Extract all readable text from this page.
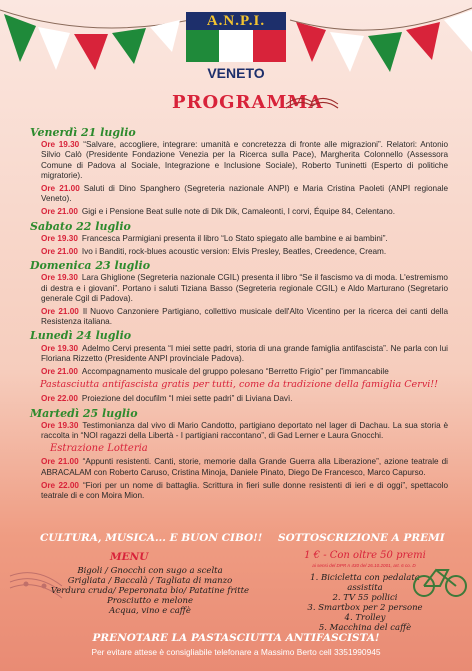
A.N.P.I.
VENETO
PROGRAMMA
Venerdì 21 luglio
Ore 19.30 “Salvare, accogliere, integrare: umanità e concretezza di fronte alle migrazioni”. Relatori: Antonio Silvio Calò (Presidente Fondazione Venezia per la Ricerca sulla Pace), Margherita Colonnello (Assessora Comune di Padova al Sociale, Integrazione e Inclusione Sociale), Roberto Tuninetti (Esperto di politiche migratorie).
Ore 21.00 Saluti di Dino Spanghero (Segreteria nazionale ANPI) e Maria Cristina Paoleti (ANPI regionale Veneto).
Ore 21.00 Gigi e i Pensione Beat sulle note di Dik Dik, Camaleonti, I corvi, Équipe 84, Celentano.
Sabato 22 luglio
Ore 19.30 Francesca Parmigiani presenta il libro “Lo Stato spiegato alle bambine e ai bambini”.
Ore 21.00 Ivo i Banditi, rock-blues acoustic version: Elvis Presley, Beatles, Creedence, Cream.
Domenica 23 luglio
Ore 19.30 Lara Ghiglione (Segreteria nazionale CGIL) presenta il libro “Se il fascismo va di moda. L'estremismo di destra e i giovani”. Portano i saluti Tiziana Basso (Segreteria regionale CGIL) e Aldo Marturano (Segretario generale Cgil di Padova).
Ore 21.00 Il Nuovo Canzoniere Partigiano, collettivo musicale dell'Alto Vicentino per la ricerca dei canti della Resistenza italiana.
Lunedì 24 luglio
Ore 19.30 Adelmo Cervi presenta “I miei sette padri, storia di una grande famiglia antifascista”. Ne parla con lui Floriana Rizzetto (Presidente ANPI provinciale Padova).
Ore 21.00 Accompagnamento musicale del gruppo polesano “Berretto Frigio” per l'immancabile
Pastasciutta antifascista gratis per tutti, come da tradizione della famiglia Cervi!!
Ore 22.00 Proiezione del docufilm “I miei sette padri” di Liviana Davì.
Martedì 25 luglio
Ore 19.30 Testimonianza dal vivo di Mario Candotto, partigiano deportato nel lager di Dachau. La sua storia è raccolta in “NOI ragazzi della Libertà - I partigiani raccontano”, di Gad Lerner e Laura Gnocchi.
Estrazione Lotteria
Ore 21.00 “Appunti resistenti. Canti, storie, memorie dalla Grande Guerra alla Liberazione”, azione teatrale di ABRACALAM con Roberto Caruso, Cristina Minoja, Daniele Pinato, Diego De Francesco, Marco Capurso.
Ore 22.00 “Fiori per un nome di battaglia. Scrittura in fieri sulle donne resistenti di ieri e di oggi”, spettacolo teatrale di e con Moira Mion.
CULTURA, MUSICA... E BUON CIBO!! SOTTOSCRIZIONE A PREMI
MENU
Bigoli / Gnocchi con sugo a scelta
Grigliata / Baccalà / Tagliata di manzo
Verdura cruda/ Peperonata bio/ Patatine fritte
Prosciutto e melone
Acqua, vino e caffè
1 € - Con oltre 50 premi
ai sensi del DPR n 430 del 26.10.2001, art. 6 co. D
1. Bicicletta con pedalata assistita
2. TV 55 pollici
3. Smartbox per 2 persone
4. Trolley
5. Macchina del caffè
PRENOTARE LA PASTASCIUTTA ANTIFASCISTA!
Per evitare attese è consigliabile telefonare a Massimo Berto cell 3351990945
